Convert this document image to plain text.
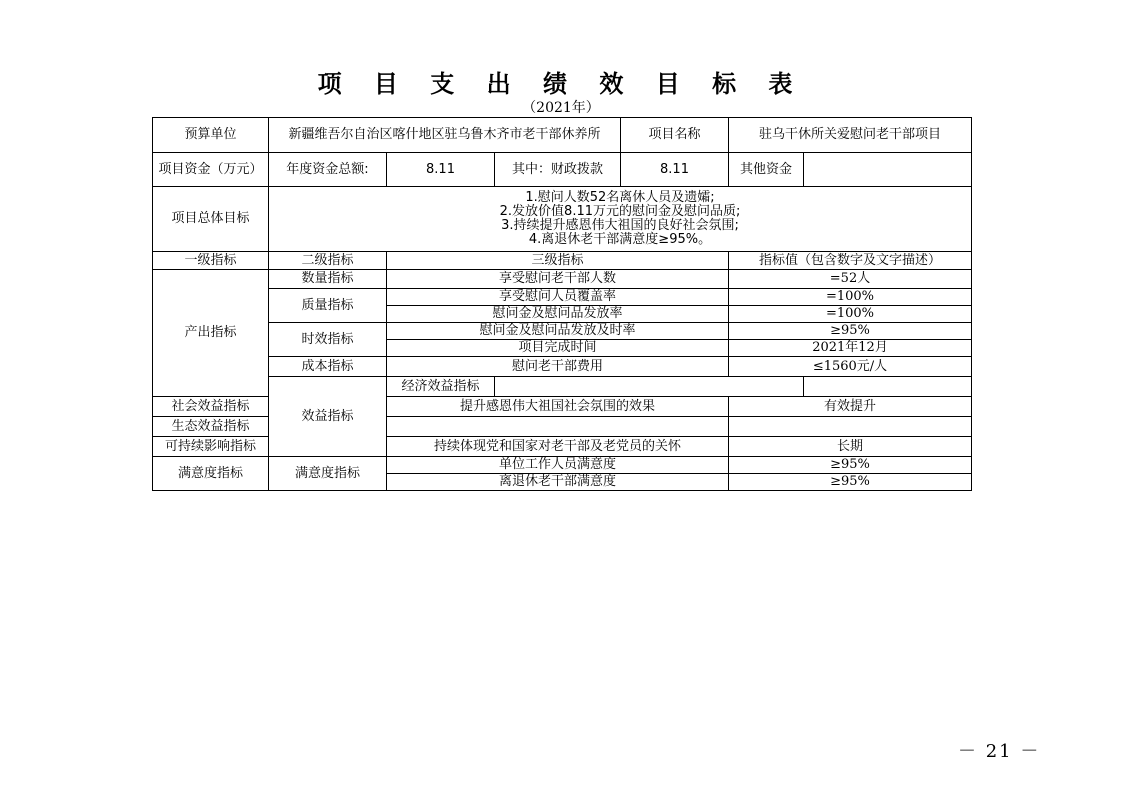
项 目 支 出 绩 效 目 标 表
（2021年）
预算单位	新疆维吾尔自治区喀什地区驻乌鲁木齐市老干部休养所			项目名称	驻乌干休所关爱慰问老干部项目	
项目资金（万元）	年度资金总额:	8.11	其中：财政拨款	8.11	其他资金	
项目总体目标	1.慰问人数52名离休人员及遗孀;
2.发放价值8.11万元的慰问金及慰问品质;
3.持续提升感恩伟大祖国的良好社会氛围;
4.离退休老干部满意度≥95%。					

一级指标	二级指标	三级指标			指标值（包含数字及文字描述）	
产出指标	数量指标	享受慰问老干部人数			=52人	
	质量指标	享受慰问人员覆盖率			=100%	
		慰问金及慰问品发放率			=100%	
	时效指标	慰问金及慰问品发放及时率			≥95%	
		项目完成时间			2021年12月	
	成本指标	慰问老干部费用			≤1560元/人	
	效益指标	经济效益指标				
社会效益指标		提升感恩伟大祖国社会氛围的效果			有效提升	
生态效益指标						
可持续影响指标		持续体现党和国家对老干部及老党员的关怀			长期	
满意度指标	满意度指标	单位工作人员满意度			≥95%	
		离退休老干部满意度			≥95%	
－ 21 －
